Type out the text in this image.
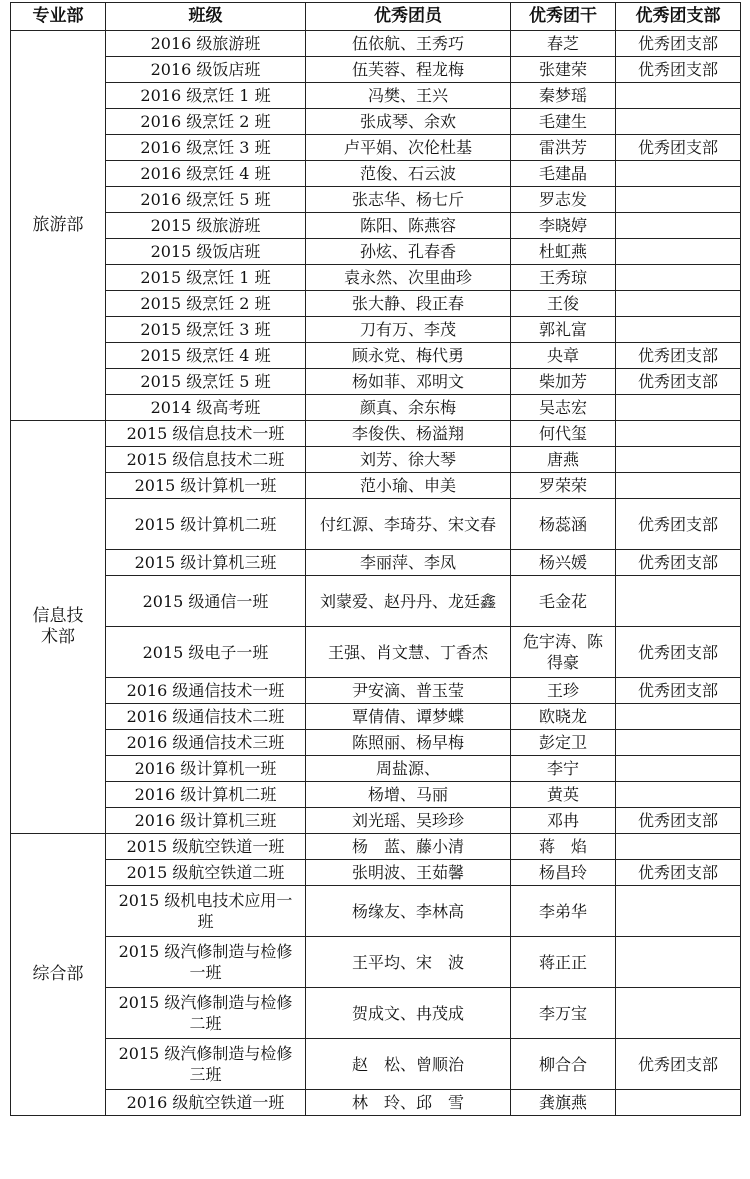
专业部	班级	优秀团员	优秀团干	优秀团支部
旅游部	2016 级旅游班	伍依航、王秀巧	春芝	优秀团支部
	2016 级饭店班	伍芙蓉、程龙梅	张建荣	优秀团支部
	2016 级烹饪 1 班	冯樊、王兴	秦梦瑶	
	2016 级烹饪 2 班	张成琴、余欢	毛建生	
	2016 级烹饪 3 班	卢平娟、次伦杜基	雷洪芳	优秀团支部
	2016 级烹饪 4 班	范俊、石云波	毛建晶	
	2016 级烹饪 5 班	张志华、杨七斤	罗志发	
	2015 级旅游班	陈阳、陈燕容	李晓婷	
	2015 级饭店班	孙炫、孔春香	杜虹燕	
	2015 级烹饪 1 班	袁永然、次里曲珍	王秀琼	
	2015 级烹饪 2 班	张大静、段正春	王俊	
	2015 级烹饪 3 班	刀有万、李茂	郭礼富	
	2015 级烹饪 4 班	顾永党、梅代勇	央章	优秀团支部
	2015 级烹饪 5 班	杨如菲、邓明文	柴加芳	优秀团支部
	2014 级高考班	颜真、余东梅	吴志宏	
信息技术部	2015 级信息技术一班	李俊佚、杨溢翔	何代玺	
	2015 级信息技术二班	刘芳、徐大琴	唐燕	
	2015 级计算机一班	范小瑜、申美	罗荣荣	
	2015 级计算机二班	付红源、李琦芬、宋文春	杨蕊涵	优秀团支部
	2015 级计算机三班	李丽萍、李凤	杨兴媛	优秀团支部
	2015 级通信一班	刘蒙爱、赵丹丹、龙廷鑫	毛金花	
	2015 级电子一班	王强、肖文慧、丁香杰	危宇涛、陈得豪	优秀团支部
	2016 级通信技术一班	尹安滴、普玉莹	王珍	优秀团支部
	2016 级通信技术二班	覃倩倩、谭梦蝶	欧晓龙	
	2016 级通信技术三班	陈照丽、杨早梅	彭定卫	
	2016 级计算机一班	周盐源、	李宁	
	2016 级计算机二班	杨增、马丽	黄英	
	2016 级计算机三班	刘光瑶、吴珍珍	邓冉	优秀团支部
综合部	2015 级航空铁道一班	杨　蓝、藤小清	蒋　焰	
	2015 级航空铁道二班	张明波、王茹馨	杨昌玲	优秀团支部
	2015 级机电技术应用一班	杨缘友、李林高	李弟华	
	2015 级汽修制造与检修一班	王平均、宋　波	蒋正正	
	2015 级汽修制造与检修二班	贺成文、冉茂成	李万宝	
	2015 级汽修制造与检修三班	赵　松、曾顺治	柳合合	优秀团支部
	2016 级航空铁道一班	林　玲、邱　雪	龚旗燕	
